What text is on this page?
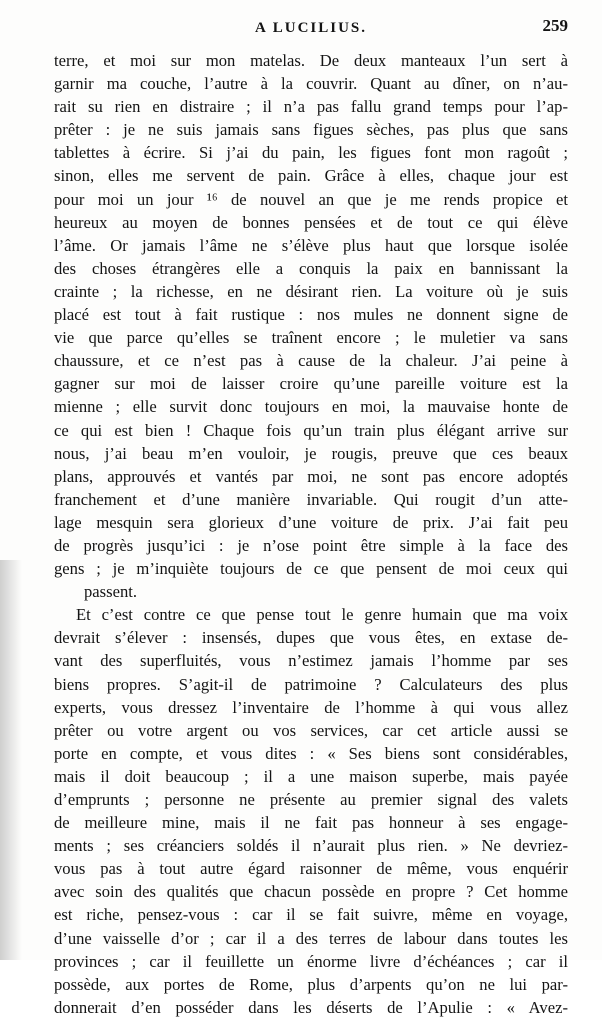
A LUCILIUS.	259
terre, et moi sur mon matelas. De deux manteaux l’un sert à
garnir ma couche, l’autre à la couvrir. Quant au dîner, on n’au-
rait su rien en distraire ; il n’a pas fallu grand temps pour l’ap-
prêter : je ne suis jamais sans figues sèches, pas plus que sans
tablettes à écrire. Si j’ai du pain, les figues font mon ragoût ;
sinon, elles me servent de pain. Grâce à elles, chaque jour est
pour moi un jour ¹⁶ de nouvel an que je me rends propice et
heureux au moyen de bonnes pensées et de tout ce qui élève
l’âme. Or jamais l’âme ne s’élève plus haut que lorsque isolée
des choses étrangères elle a conquis la paix en bannissant la
crainte ; la richesse, en ne désirant rien. La voiture où je suis
placé est tout à fait rustique : nos mules ne donnent signe de
vie que parce qu’elles se traînent encore ; le muletier va sans
chaussure, et ce n’est pas à cause de la chaleur. J’ai peine à
gagner sur moi de laisser croire qu’une pareille voiture est la
mienne ; elle survit donc toujours en moi, la mauvaise honte de
ce qui est bien ! Chaque fois qu’un train plus élégant arrive sur
nous, j’ai beau m’en vouloir, je rougis, preuve que ces beaux
plans, approuvés et vantés par moi, ne sont pas encore adoptés
franchement et d’une manière invariable. Qui rougit d’un atte-
lage mesquin sera glorieux d’une voiture de prix. J’ai fait peu
de progrès jusqu’ici : je n’ose point être simple à la face des
gens ; je m’inquiète toujours de ce que pensent de moi ceux qui
passent.
Et c’est contre ce que pense tout le genre humain que ma voix
devrait s’élever : insensés, dupes que vous êtes, en extase de-
vant des superfluités, vous n’estimez jamais l’homme par ses
biens propres. S’agit-il de patrimoine ? Calculateurs des plus
experts, vous dressez l’inventaire de l’homme à qui vous allez
prêter ou votre argent ou vos services, car cet article aussi se
porte en compte, et vous dites : « Ses biens sont considérables,
mais il doit beaucoup ; il a une maison superbe, mais payée
d’emprunts ; personne ne présente au premier signal des valets
de meilleure mine, mais il ne fait pas honneur à ses engage-
ments ; ses créanciers soldés il n’aurait plus rien. » Ne devriez-
vous pas à tout autre égard raisonner de même, vous enquérir
avec soin des qualités que chacun possède en propre ? Cet homme
est riche, pensez-vous : car il se fait suivre, même en voyage,
d’une vaisselle d’or ; car il a des terres de labour dans toutes les
provinces ; car il feuillette un énorme livre d’échéances ; car il
possède, aux portes de Rome, plus d’arpents qu’on ne lui par-
donnerait d’en posséder dans les déserts de l’Apulie : « Avez-
